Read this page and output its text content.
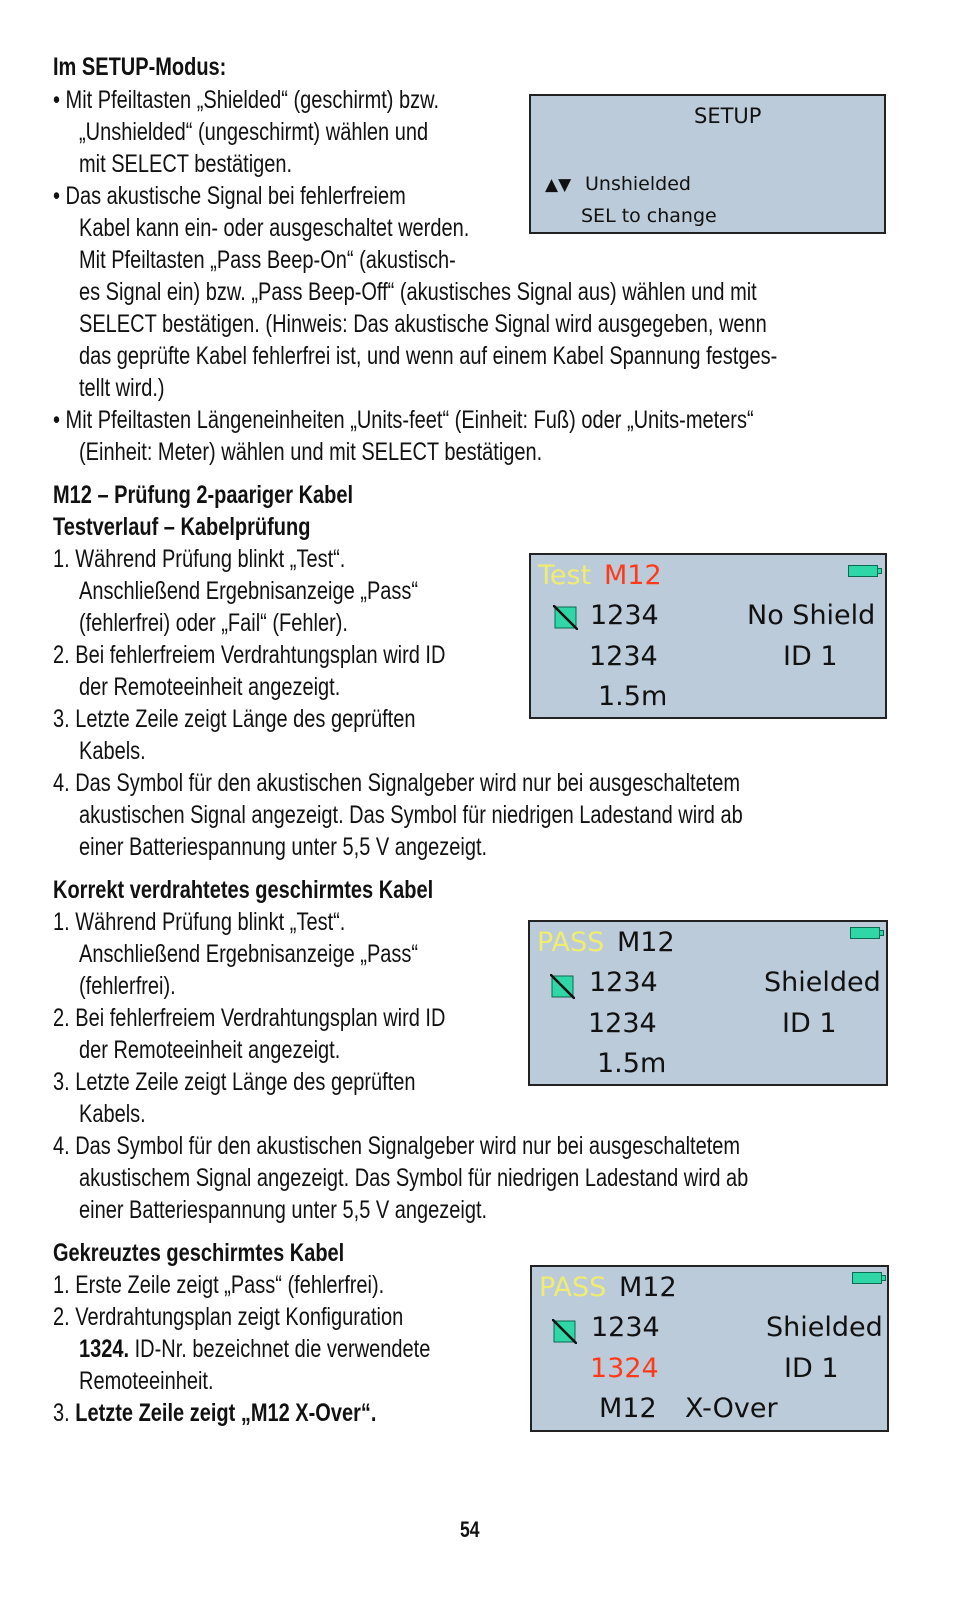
Im SETUP-Modus:
• Mit Pfeiltasten „Shielded“ (geschirmt) bzw.
„Unshielded“ (ungeschirmt) wählen und
mit SELECT bestätigen.
• Das akustische Signal bei fehlerfreiem
Kabel kann ein- oder ausgeschaltet werden.
Mit Pfeiltasten „Pass Beep-On“ (akustisch-
es Signal ein) bzw. „Pass Beep-Off“ (akustisches Signal aus) wählen und mit
SELECT bestätigen. (Hinweis: Das akustische Signal wird ausgegeben, wenn
das geprüfte Kabel fehlerfrei ist, und wenn auf einem Kabel Spannung festges-
tellt wird.)
• Mit Pfeiltasten Längeneinheiten „Units-feet“ (Einheit: Fuß) oder „Units-meters“
(Einheit: Meter) wählen und mit SELECT bestätigen.
SETUP
▲▼ Unshielded
SEL to change
M12 – Prüfung 2-paariger Kabel
Testverlauf – Kabelprüfung
1. Während Prüfung blinkt „Test“.
Anschließend Ergebnisanzeige „Pass“
(fehlerfrei) oder „Fail“ (Fehler).
2. Bei fehlerfreiem Verdrahtungsplan wird ID
der Remoteeinheit angezeigt.
3. Letzte Zeile zeigt Länge des geprüften
Kabels.
4. Das Symbol für den akustischen Signalgeber wird nur bei ausgeschaltetem
akustischen Signal angezeigt. Das Symbol für niedrigen Ladestand wird ab
einer Batteriespannung unter 5,5 V angezeigt.
Test M12
1234	No Shield
1234	ID 1
1.5m
Korrekt verdrahtetes geschirmtes Kabel
1. Während Prüfung blinkt „Test“.
Anschließend Ergebnisanzeige „Pass“
(fehlerfrei).
2. Bei fehlerfreiem Verdrahtungsplan wird ID
der Remoteeinheit angezeigt.
3. Letzte Zeile zeigt Länge des geprüften
Kabels.
4. Das Symbol für den akustischen Signalgeber wird nur bei ausgeschaltetem
akustischem Signal angezeigt. Das Symbol für niedrigen Ladestand wird ab
einer Batteriespannung unter 5,5 V angezeigt.
PASS M12
1234	Shielded
1234	ID 1
1.5m
Gekreuztes geschirmtes Kabel
1. Erste Zeile zeigt „Pass“ (fehlerfrei).
2. Verdrahtungsplan zeigt Konfiguration
1324. ID-Nr. bezeichnet die verwendete
Remoteeinheit.
3. Letzte Zeile zeigt „M12 X-Over“.
PASS M12
1234	Shielded
1324	ID 1
M12 X-Over
54
